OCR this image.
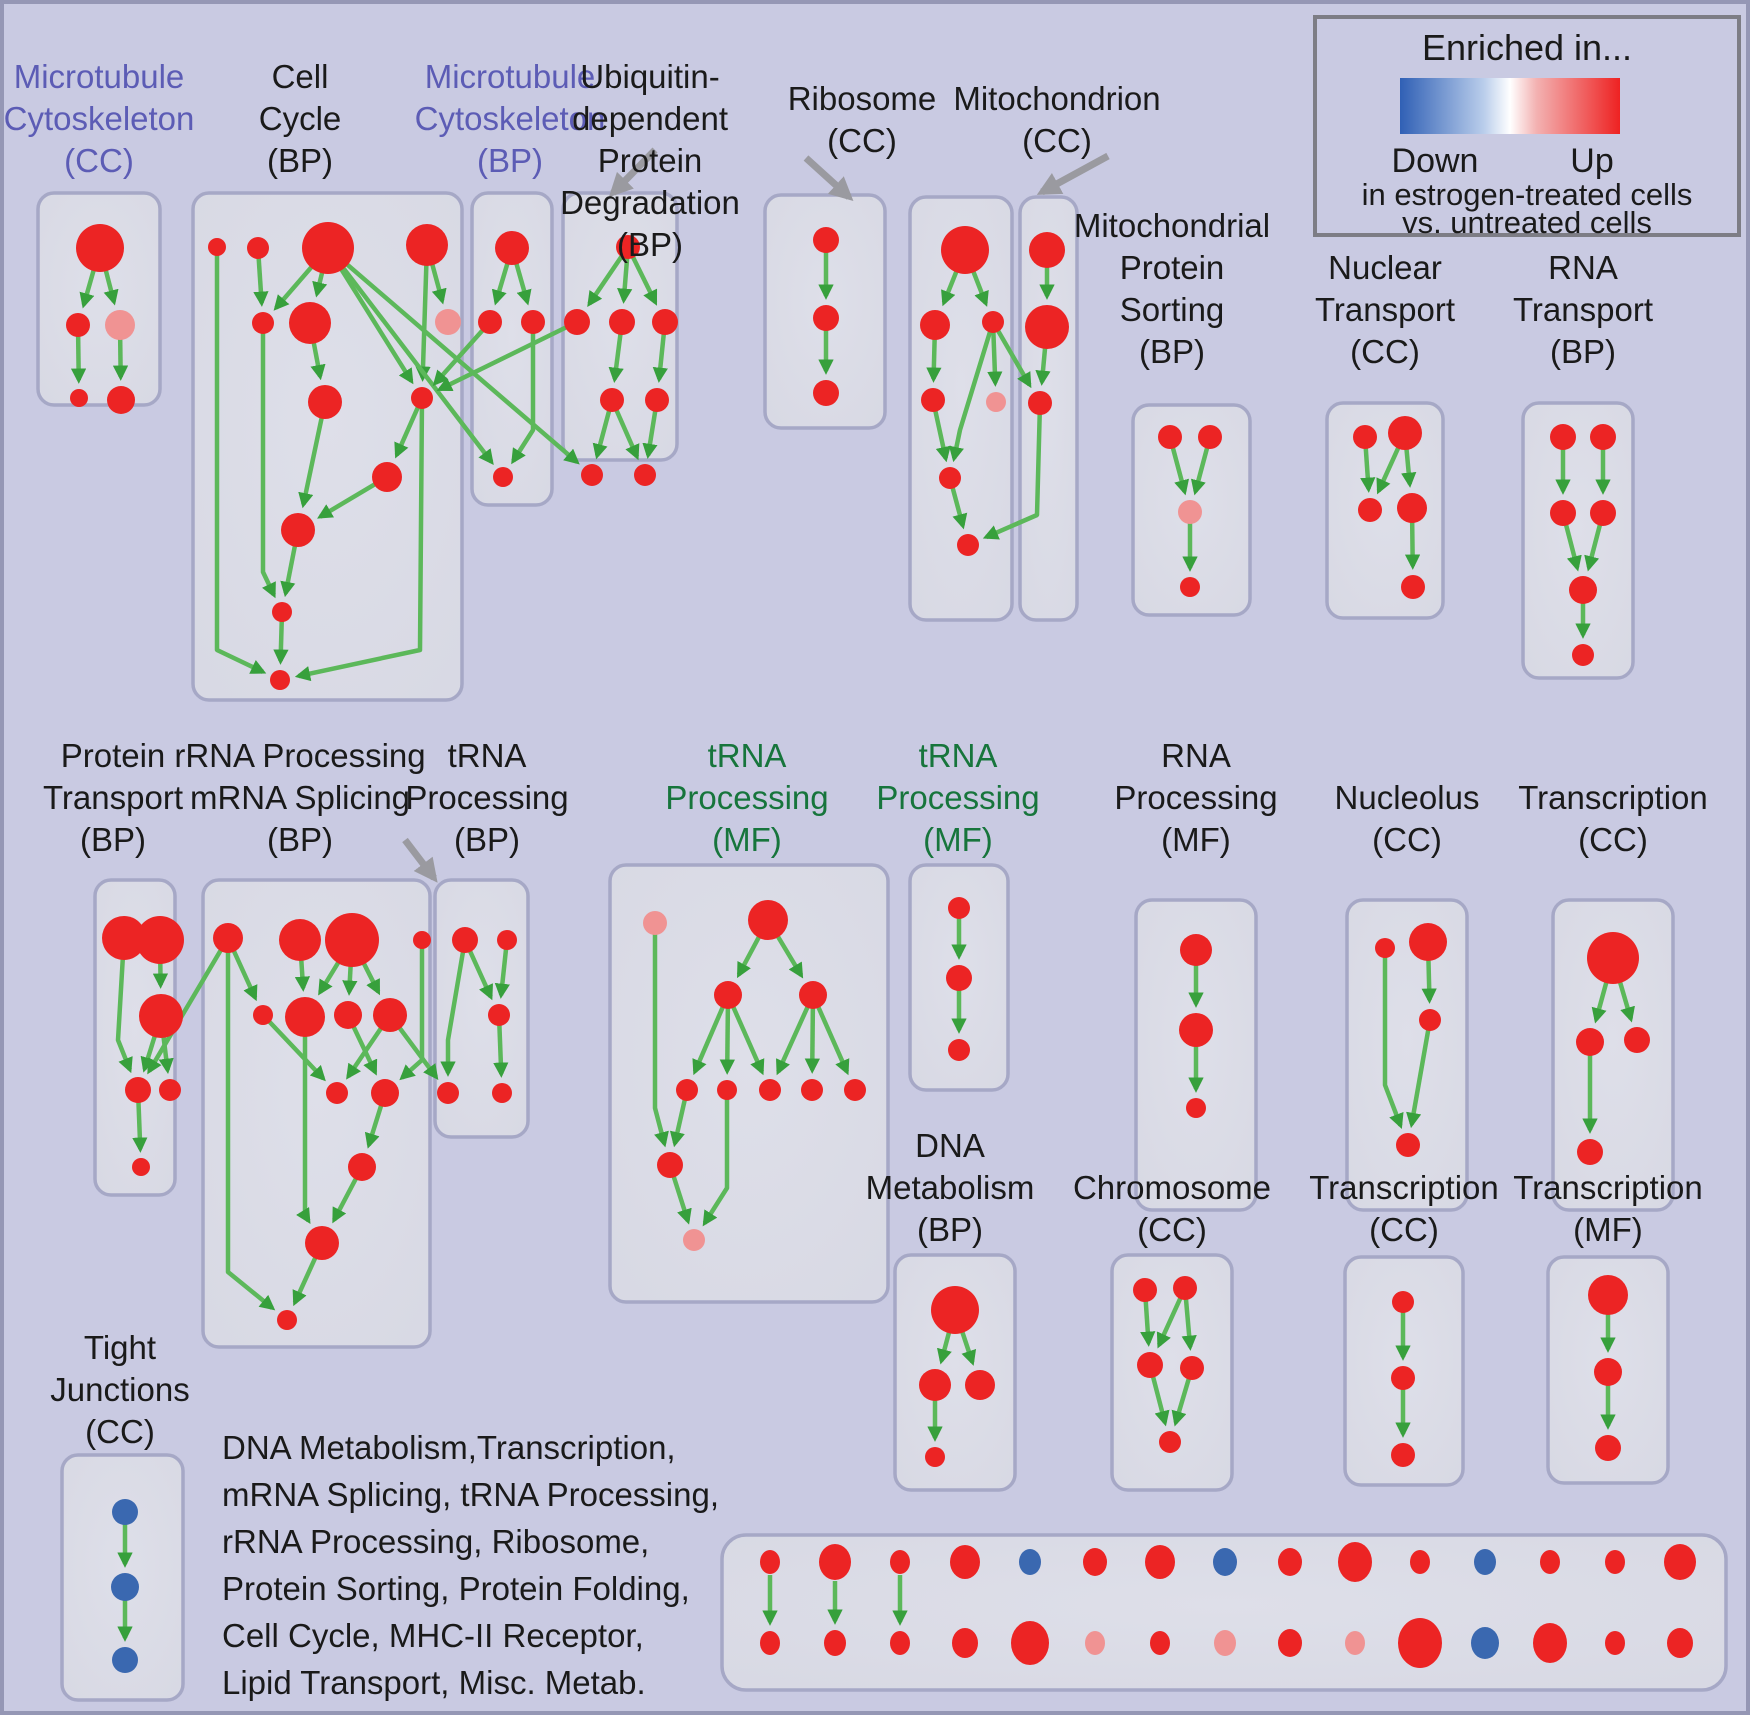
Microtubule
Cytoskeleton
(CC)
Cell
Cycle
(BP)
Microtubule
Cytoskeleton
(BP)
Ubiquitin-
dependent
Protein
Degradation
(BP)
Ribosome
(CC)
Mitochondrion
(CC)
Mitochondrial
Protein
Sorting
(BP)
Nuclear
Transport
(CC)
RNA
Transport
(BP)
Protein
Transport
(BP)
rRNA Processing
mRNA Splicing
(BP)
tRNA
Processing
(BP)
tRNA
Processing
(MF)
tRNA
Processing
(MF)
RNA
Processing
(MF)
Nucleolus
(CC)
Transcription
(CC)
DNA
Metabolism
(BP)
Chromosome
(CC)
Transcription
(CC)
Transcription
(MF)
Tight
Junctions
(CC) DNA Metabolism,Transcription,
mRNA Splicing, tRNA Processing,
rRNA Processing, Ribosome,
Protein Sorting, Protein Folding,
Cell Cycle, MHC-II Receptor,
Lipid Transport, Misc. Metab.
Enriched in...
Down	Up
in estrogen-treated cells
vs. untreated cells
